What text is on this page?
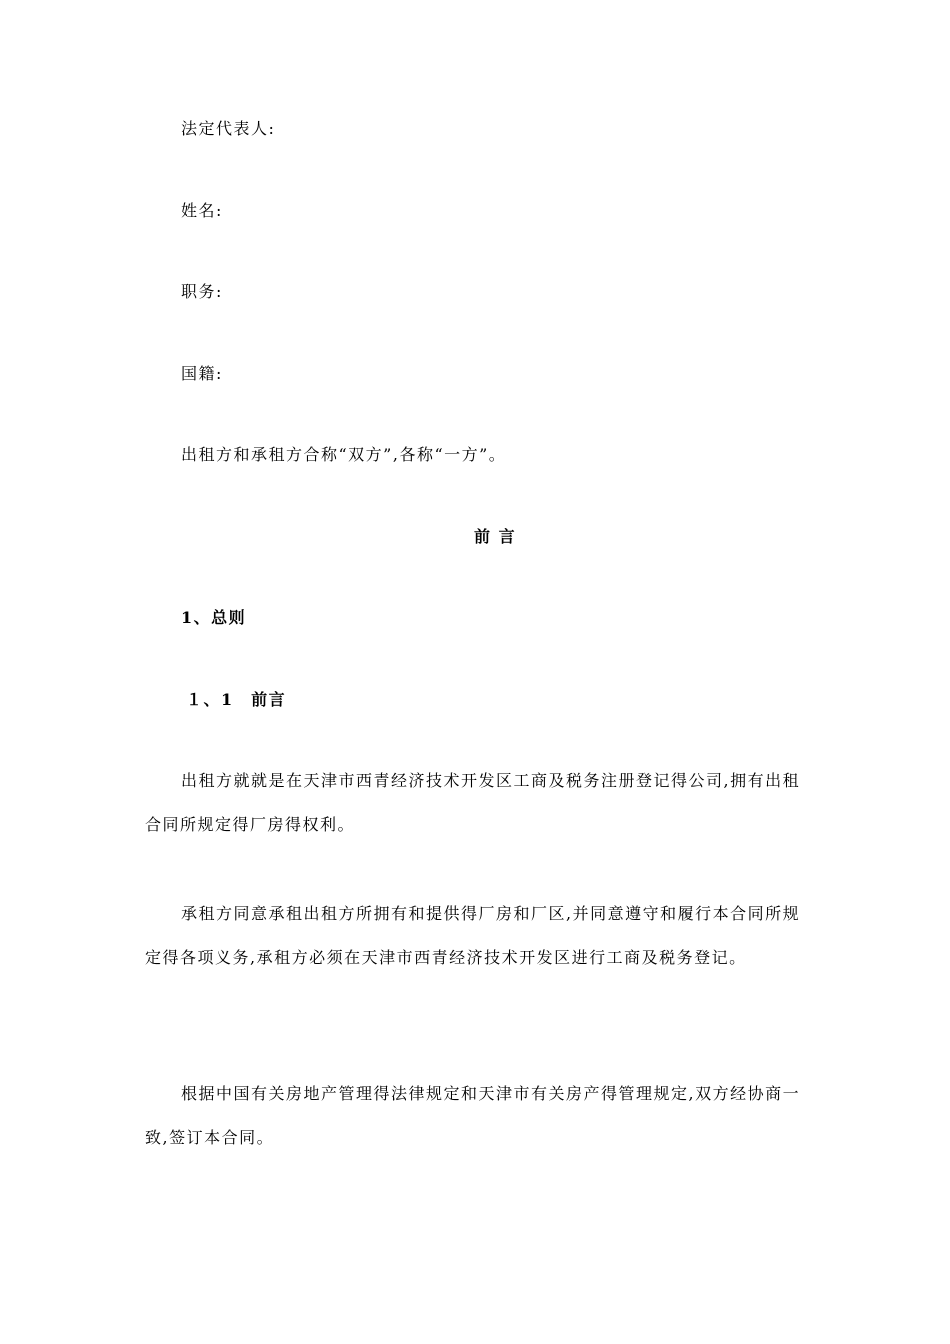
法定代表人:
姓名:
职务:
国籍:
出租方和承租方合称“双方”,各称“一方”。
前 言
1、总则
１、1　前言
出租方就就是在天津市西青经济技术开发区工商及税务注册登记得公司,拥有出租合同所规定得厂房得权利。
承租方同意承租出租方所拥有和提供得厂房和厂区,并同意遵守和履行本合同所规定得各项义务,承租方必须在天津市西青经济技术开发区进行工商及税务登记。
根据中国有关房地产管理得法律规定和天津市有关房产得管理规定,双方经协商一致,签订本合同。
